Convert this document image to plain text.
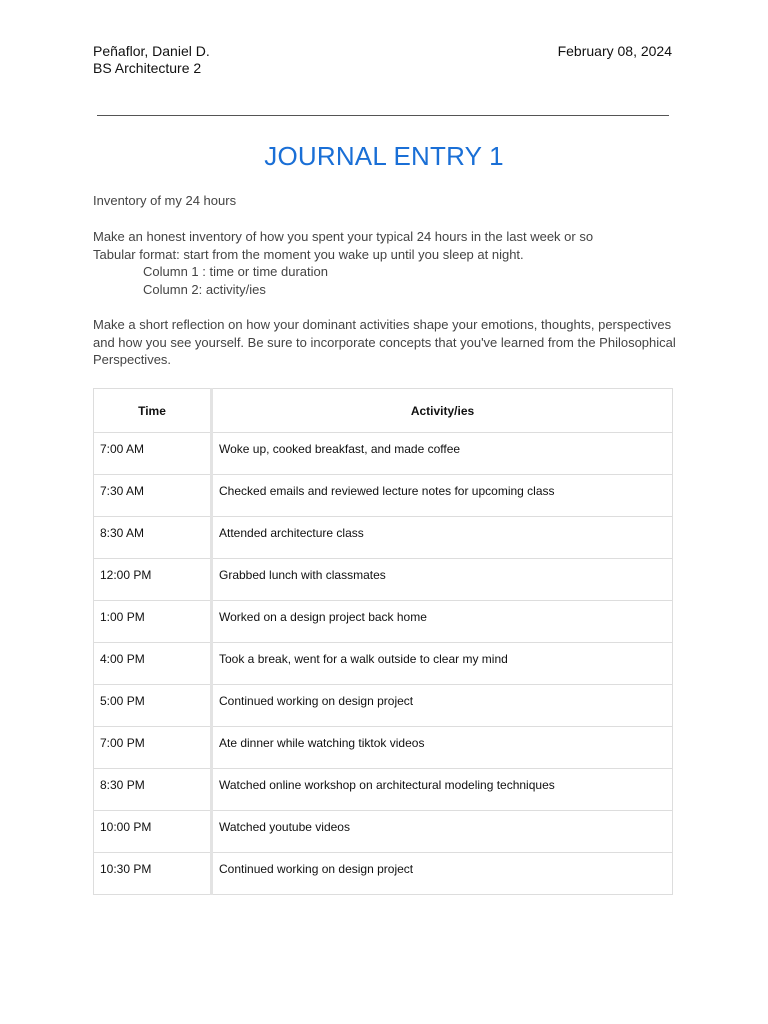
Peñaflor, Daniel D.
BS Architecture 2
February 08, 2024
JOURNAL ENTRY 1
Inventory of my 24 hours
Make an honest inventory of how you spent your typical 24 hours in the last week or so
Tabular format: start from the moment you wake up until you sleep at night.
Column 1 : time or time duration
Column 2: activity/ies
Make a short reflection on how your dominant activities shape your emotions, thoughts, perspectives and how you see yourself. Be sure to incorporate concepts that you've learned from the Philosophical Perspectives.
Time	Activity/ies
7:00 AM	Woke up, cooked breakfast, and made coffee
7:30 AM	Checked emails and reviewed lecture notes for upcoming class
8:30 AM	Attended architecture class
12:00 PM	Grabbed lunch with classmates
1:00 PM	Worked on a design project back home
4:00 PM	Took a break, went for a walk outside to clear my mind
5:00 PM	Continued working on design project
7:00 PM	Ate dinner while watching tiktok videos
8:30 PM	Watched online workshop on architectural modeling techniques
10:00 PM	Watched youtube videos
10:30 PM	Continued working on design project
